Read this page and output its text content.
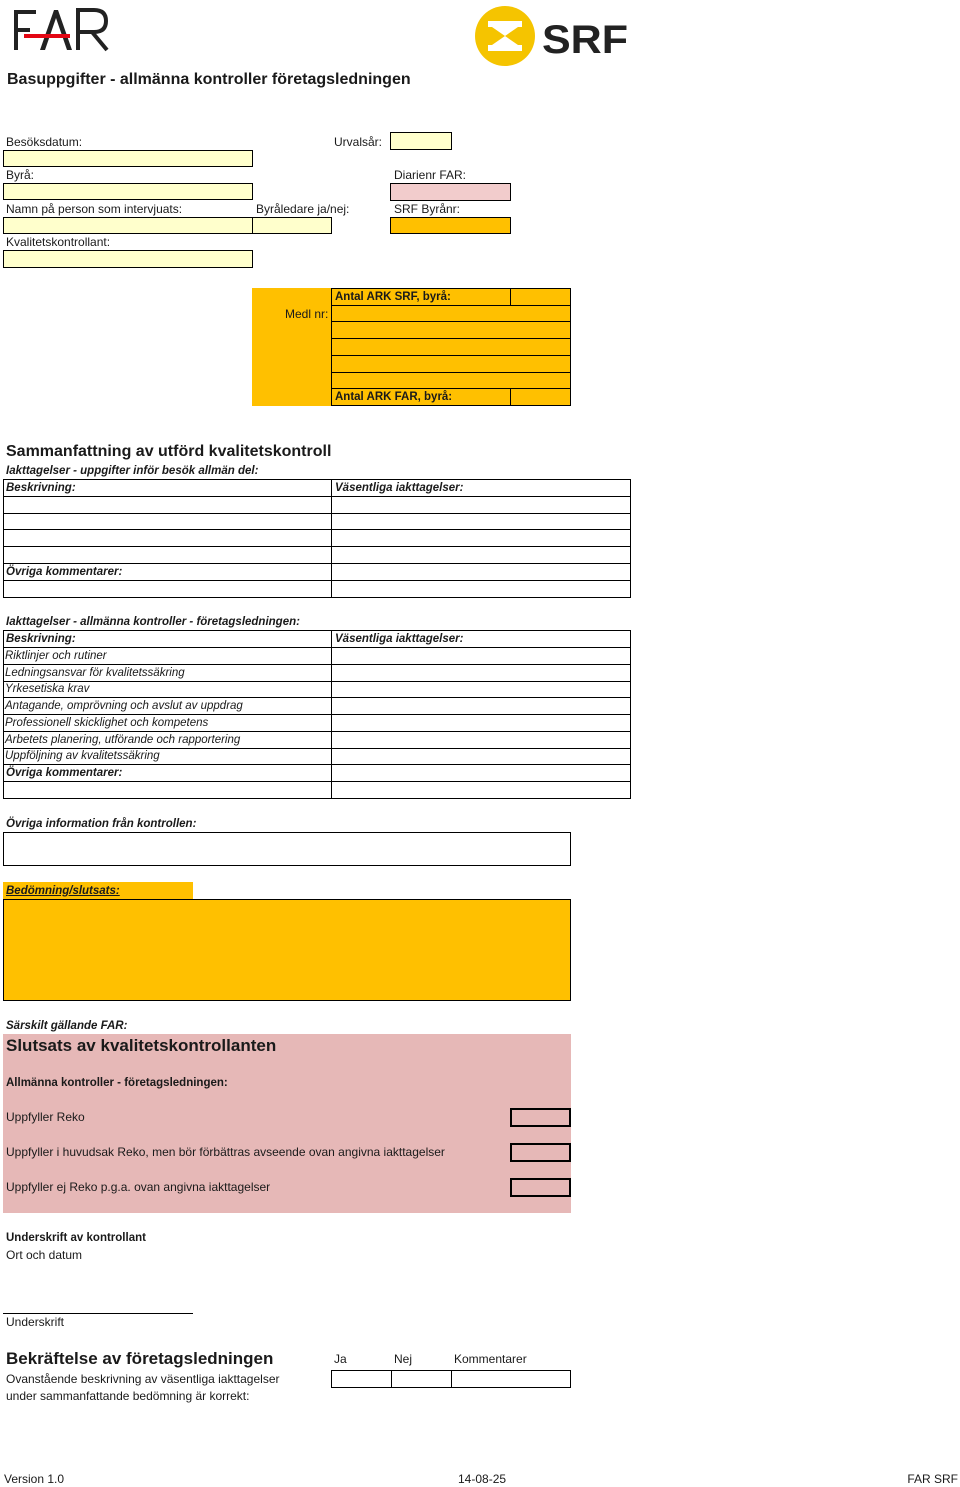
SRF
Basuppgifter - allmänna kontroller företagsledningen
Besöksdatum:	Urvalsår:
Byrå:	Diarienr FAR:
Namn på person som intervjuats:	Byråledare ja/nej:	SRF Byrånr:
Kvalitetskontrollant:
Medl nr:
Antal ARK SRF, byrå:
Antal ARK FAR, byrå:
Sammanfattning av utförd kvalitetskontroll
Iakttagelser - uppgifter inför besök allmän del:
Beskrivning:	Väsentliga iakttagelser:
Övriga kommentarer:
Iakttagelser - allmänna kontroller - företagsledningen:
Beskrivning:	Väsentliga iakttagelser:
Riktlinjer och rutiner
Ledningsansvar för kvalitetssäkring
Yrkesetiska krav
Antagande, omprövning och avslut av uppdrag
Professionell skicklighet och kompetens
Arbetets planering, utförande och rapportering
Uppföljning av kvalitetssäkring
Övriga kommentarer:
Övriga information från kontrollen:
Bedömning/slutsats:
Särskilt gällande FAR:
Slutsats av kvalitetskontrollanten
Allmänna kontroller - företagsledningen:
Uppfyller Reko
Uppfyller i huvudsak Reko, men bör förbättras avseende ovan angivna iakttagelser
Uppfyller ej Reko p.g.a. ovan angivna iakttagelser
Underskrift av kontrollant
Ort och datum
Underskrift
Bekräftelse av företagsledningen	Ja	Nej	Kommentarer
Ovanstående beskrivning av väsentliga iakttagelser
under sammanfattande bedömning är korrekt:
Version 1.0	14-08-25	FAR SRF
